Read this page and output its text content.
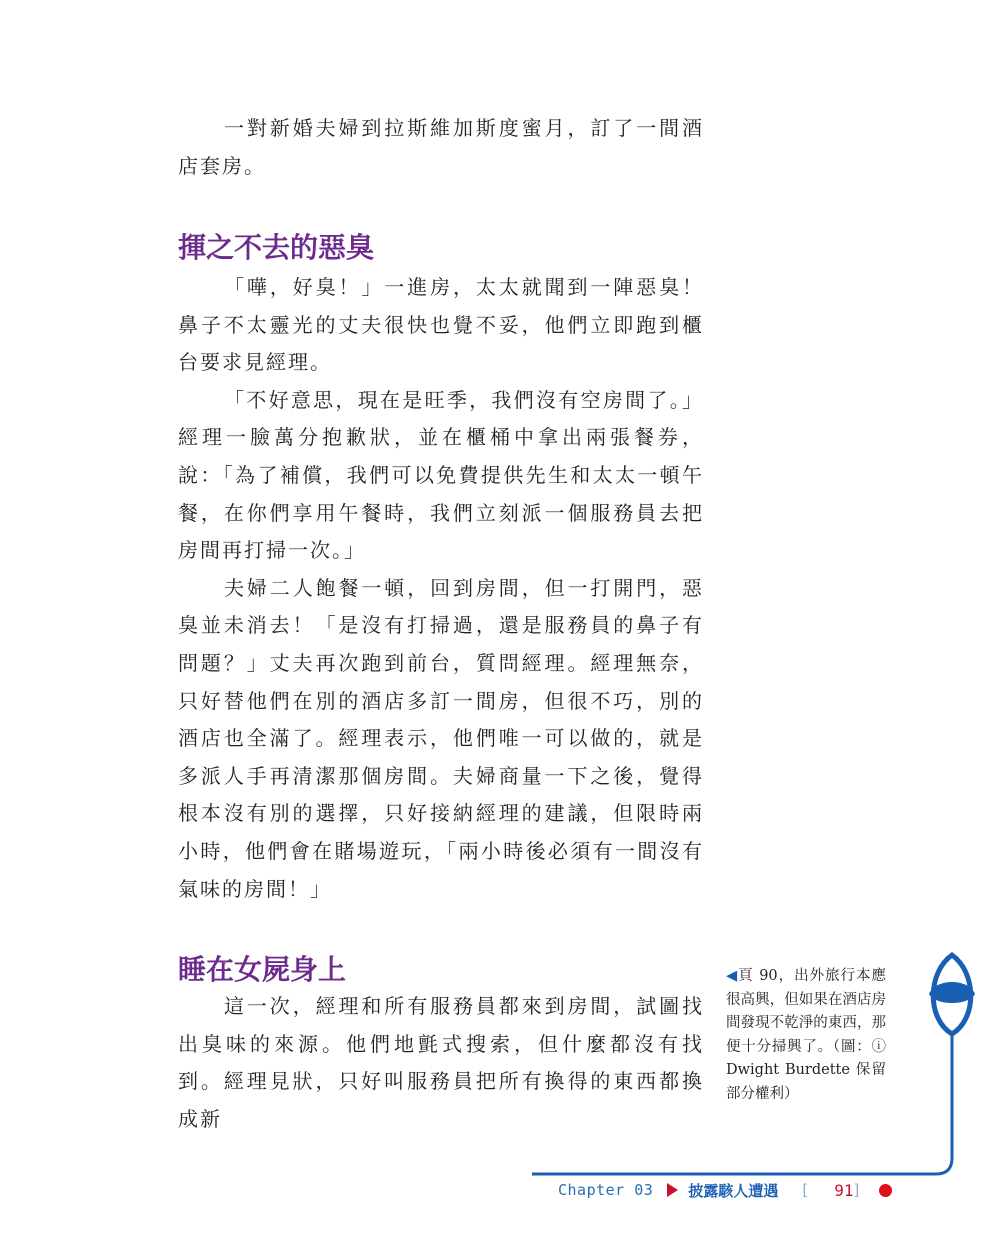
一對新婚夫婦到拉斯維加斯度蜜月，訂了一間酒店套房。

揮之不去的惡臭

「嘩，好臭！」一進房，太太就聞到一陣惡臭！鼻子不太靈光的丈夫很快也覺不妥，他們立即跑到櫃台要求見經理。

「不好意思，現在是旺季，我們沒有空房間了。」經理一臉萬分抱歉狀，並在櫃桶中拿出兩張餐券，說：「為了補償，我們可以免費提供先生和太太一頓午餐，在你們享用午餐時，我們立刻派一個服務員去把房間再打掃一次。」

夫婦二人飽餐一頓，回到房間，但一打開門，惡臭並未消去！「是沒有打掃過，還是服務員的鼻子有問題？」丈夫再次跑到前台，質問經理。經理無奈，只好替他們在別的酒店多訂一間房，但很不巧，別的酒店也全滿了。經理表示，他們唯一可以做的，就是多派人手再清潔那個房間。夫婦商量一下之後，覺得根本沒有別的選擇，只好接納經理的建議，但限時兩小時，他們會在賭場遊玩，「兩小時後必須有一間沒有氣味的房間！」

睡在女屍身上

這一次，經理和所有服務員都來到房間，試圖找出臭味的來源。他們地氈式搜索，但什麼都沒有找到。經理見狀，只好叫服務員把所有換得的東西都換成新

◀頁 90，出外旅行本應很高興，但如果在酒店房間發現不乾淨的東西，那便十分掃興了。（圖：ⓘ Dwight Burdette 保留部分權利）
Chapter 03 披露駭人遭遇 [ 91 ]
